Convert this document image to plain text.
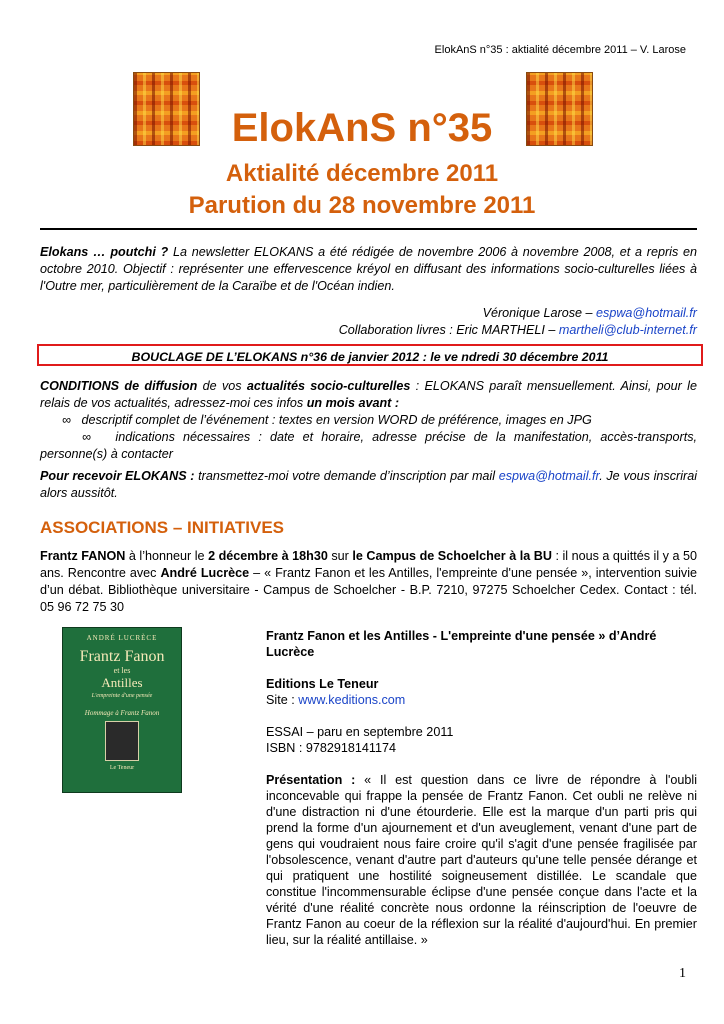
ElokAnS n°35 : aktialité décembre 2011 – V. Larose
ElokAnS n°35
Aktialité décembre 2011
Parution du 28 novembre 2011

Elokans … poutchi ? La newsletter ELOKANS a été rédigée de novembre 2006 à novembre 2008, et a repris en octobre 2010. Objectif : représenter une effervescence kréyol en diffusant des informations socio-culturelles liées à l'Outre mer, particulièrement de la Caraïbe et de l'Océan indien.

Véronique Larose – espwa@hotmail.fr

Collaboration livres : Eric MARTHELI – martheli@club-internet.fr

BOUCLAGE DE L’ELOKANS n°36 de janvier 2012 : le ve ndredi 30 décembre 2011

CONDITIONS de diffusion de vos actualités socio-culturelles : ELOKANS paraît mensuellement. Ainsi, pour le relais de vos actualités, adressez-moi ces infos un mois avant :

∞ descriptif complet de l’événement : textes en version WORD de préférence, images en JPG

∞ indications nécessaires : date et horaire, adresse précise de la manifestation, accès-transports, personne(s) à contacter

Pour recevoir ELOKANS : transmettez-moi votre demande d’inscription par mail espwa@hotmail.fr. Je vous inscrirai alors aussitôt.

ASSOCIATIONS – INITIATIVES

Frantz FANON à l’honneur le 2 décembre à 18h30 sur le Campus de Schoelcher à la BU : il nous a quittés il y a 50 ans. Rencontre avec André Lucrèce – « Frantz Fanon et les Antilles, l'empreinte d'une pensée », intervention suivie d’un débat. Bibliothèque universitaire - Campus de Schoelcher - B.P. 7210, 97275 Schoelcher Cedex. Contact : tél. 05 96 72 75 30

ANDRÉ LUCRÈCE
Frantz Fanon
et les
Antilles
L'empreinte d'une pensée
Hommage à Frantz Fanon
Le Teneur

Frantz Fanon et les Antilles - L'empreinte d'une pensée » d’André Lucrèce

Editions Le Teneur

Site : www.keditions.com

ESSAI – paru en septembre 2011

ISBN : 9782918141174

Présentation : « Il est question dans ce livre de répondre à l'oubli inconcevable qui frappe la pensée de Frantz Fanon. Cet oubli ne relève ni d'une distraction ni d'une étourderie. Elle est la marque d'un parti pris qui prend la forme d'un ajournement et d'un aveuglement, venant d'une part de gens qui voudraient nous faire croire qu'il s'agit d'une pensée fragilisée par l'obsolescence, venant d'autre part d'auteurs qu'une telle pensée dérange et qui pratiquent une hostilité soigneusement distillée. Le scandale que constitue l'incommensurable éclipse d'une pensée conçue dans l'acte et la vérité d'une réalité concrète nous ordonne la réinscription de l'oeuvre de Frantz Fanon au coeur de la réflexion sur la réalité d'aujourd'hui. En premier lieu, sur la réalité antillaise. »

1
